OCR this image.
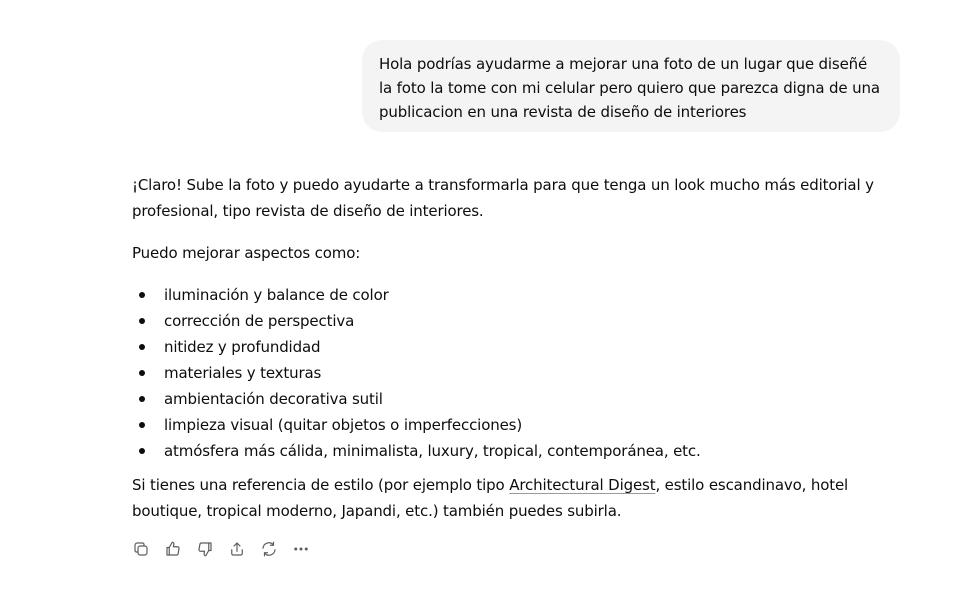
Hola podrías ayudarme a mejorar una foto de un lugar que diseñé la foto la tome con mi celular pero quiero que parezca digna de una publicacion en una revista de diseño de interiores

¡Claro! Sube la foto y puedo ayudarte a transformarla para que tenga un look mucho más editorial y profesional, tipo revista de diseño de interiores.

Puedo mejorar aspectos como:

iluminación y balance de color
corrección de perspectiva
nitidez y profundidad
materiales y texturas
ambientación decorativa sutil
limpieza visual (quitar objetos o imperfecciones)
atmósfera más cálida, minimalista, luxury, tropical, contemporánea, etc.

Si tienes una referencia de estilo (por ejemplo tipo Architectural Digest, estilo escandinavo, hotel boutique, tropical moderno, Japandi, etc.) también puedes subirla.
